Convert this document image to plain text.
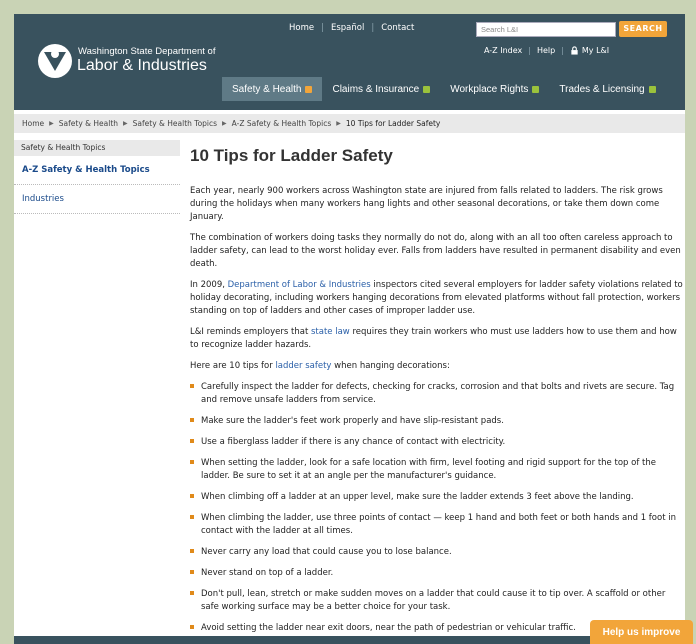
Washington State Department of
Labor & Industries
Home | Español | Contact	Search L&I	SEARCH
A-Z Index | Help | My L&I
Safety & Health	Claims & Insurance	Workplace Rights	Trades & Licensing
Home ▶ Safety & Health ▶ Safety & Health Topics ▶ A-Z Safety & Health Topics ▶ 10 Tips for Ladder Safety
Safety & Health Topics
A-Z Safety & Health Topics
Industries
10 Tips for Ladder Safety

Each year, nearly 900 workers across Washington state are injured from falls related to ladders. The risk grows during the holidays when many workers hang lights and other seasonal decorations, or take them down come January.

The combination of workers doing tasks they normally do not do, along with an all too often careless approach to ladder safety, can lead to the worst holiday ever. Falls from ladders have resulted in permanent disability and even death.

In 2009, Department of Labor & Industries inspectors cited several employers for ladder safety violations related to holiday decorating, including workers hanging decorations from elevated platforms without fall protection, workers standing on top of ladders and other cases of improper ladder use.

L&I reminds employers that state law requires they train workers who must use ladders how to use them and how to recognize ladder hazards.

Here are 10 tips for ladder safety when hanging decorations:

Carefully inspect the ladder for defects, checking for cracks, corrosion and that bolts and rivets are secure. Tag and remove unsafe ladders from service.
Make sure the ladder's feet work properly and have slip-resistant pads.
Use a fiberglass ladder if there is any chance of contact with electricity.
When setting the ladder, look for a safe location with firm, level footing and rigid support for the top of the ladder. Be sure to set it at an angle per the manufacturer's guidance.
When climbing off a ladder at an upper level, make sure the ladder extends 3 feet above the landing.
When climbing the ladder, use three points of contact — keep 1 hand and both feet or both hands and 1 foot in contact with the ladder at all times.
Never carry any load that could cause you to lose balance.
Never stand on top of a ladder.
Don't pull, lean, stretch or make sudden moves on a ladder that could cause it to tip over. A scaffold or other safe working surface may be a better choice for your task.
Avoid setting the ladder near exit doors, near the path of pedestrian or vehicular traffic.	Help us improve
